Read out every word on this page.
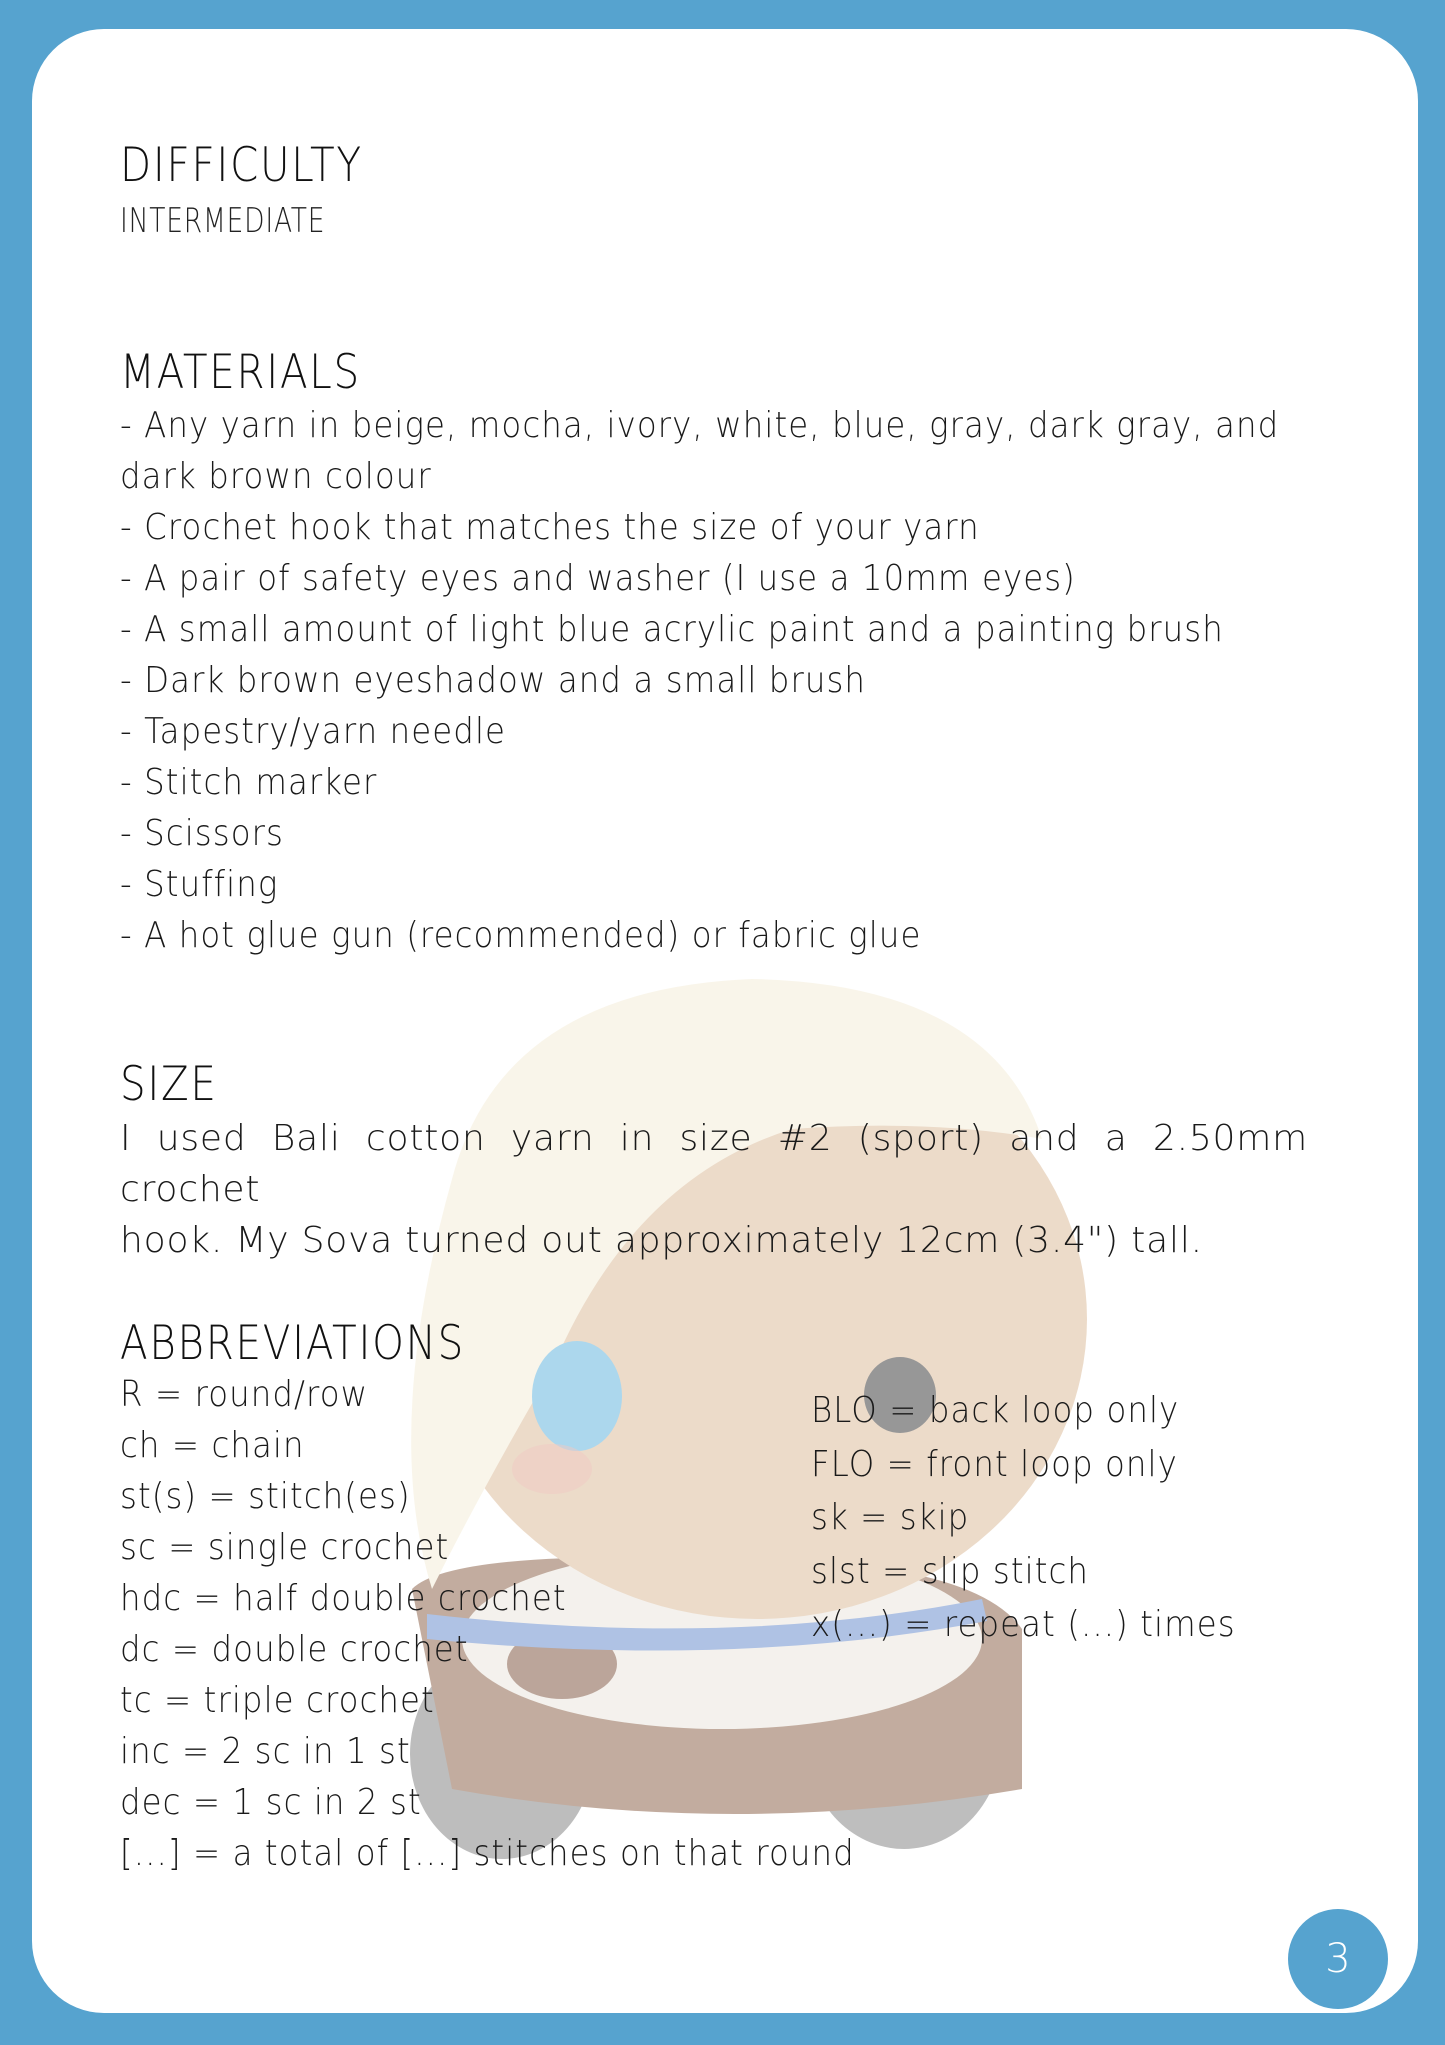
DIFFICULTY
INTERMEDIATE
MATERIALS
- Any yarn in beige, mocha, ivory, white, blue, gray, dark gray, and
dark brown colour
- Crochet hook that matches the size of your yarn
- A pair of safety eyes and washer (I use a 10mm eyes)
- A small amount of light blue acrylic paint and a painting brush
- Dark brown eyeshadow and a small brush
- Tapestry/yarn needle
- Stitch marker
- Scissors
- Stuffing
- A hot glue gun (recommended) or fabric glue
SIZE
I used Bali cotton yarn in size #2 (sport) and a 2.50mm crochet
hook. My Sova turned out approximately 12cm (3.4") tall.
ABBREVIATIONS
R = round/row
ch = chain
st(s) = stitch(es)
sc = single crochet
hdc = half double crochet
dc = double crochet
tc = triple crochet
inc = 2 sc in 1 st
dec = 1 sc in 2 st
[...] = a total of [...] stitches on that round
BLO = back loop only
FLO = front loop only
sk = skip
slst = slip stitch
x(...) = repeat (...) times
3
